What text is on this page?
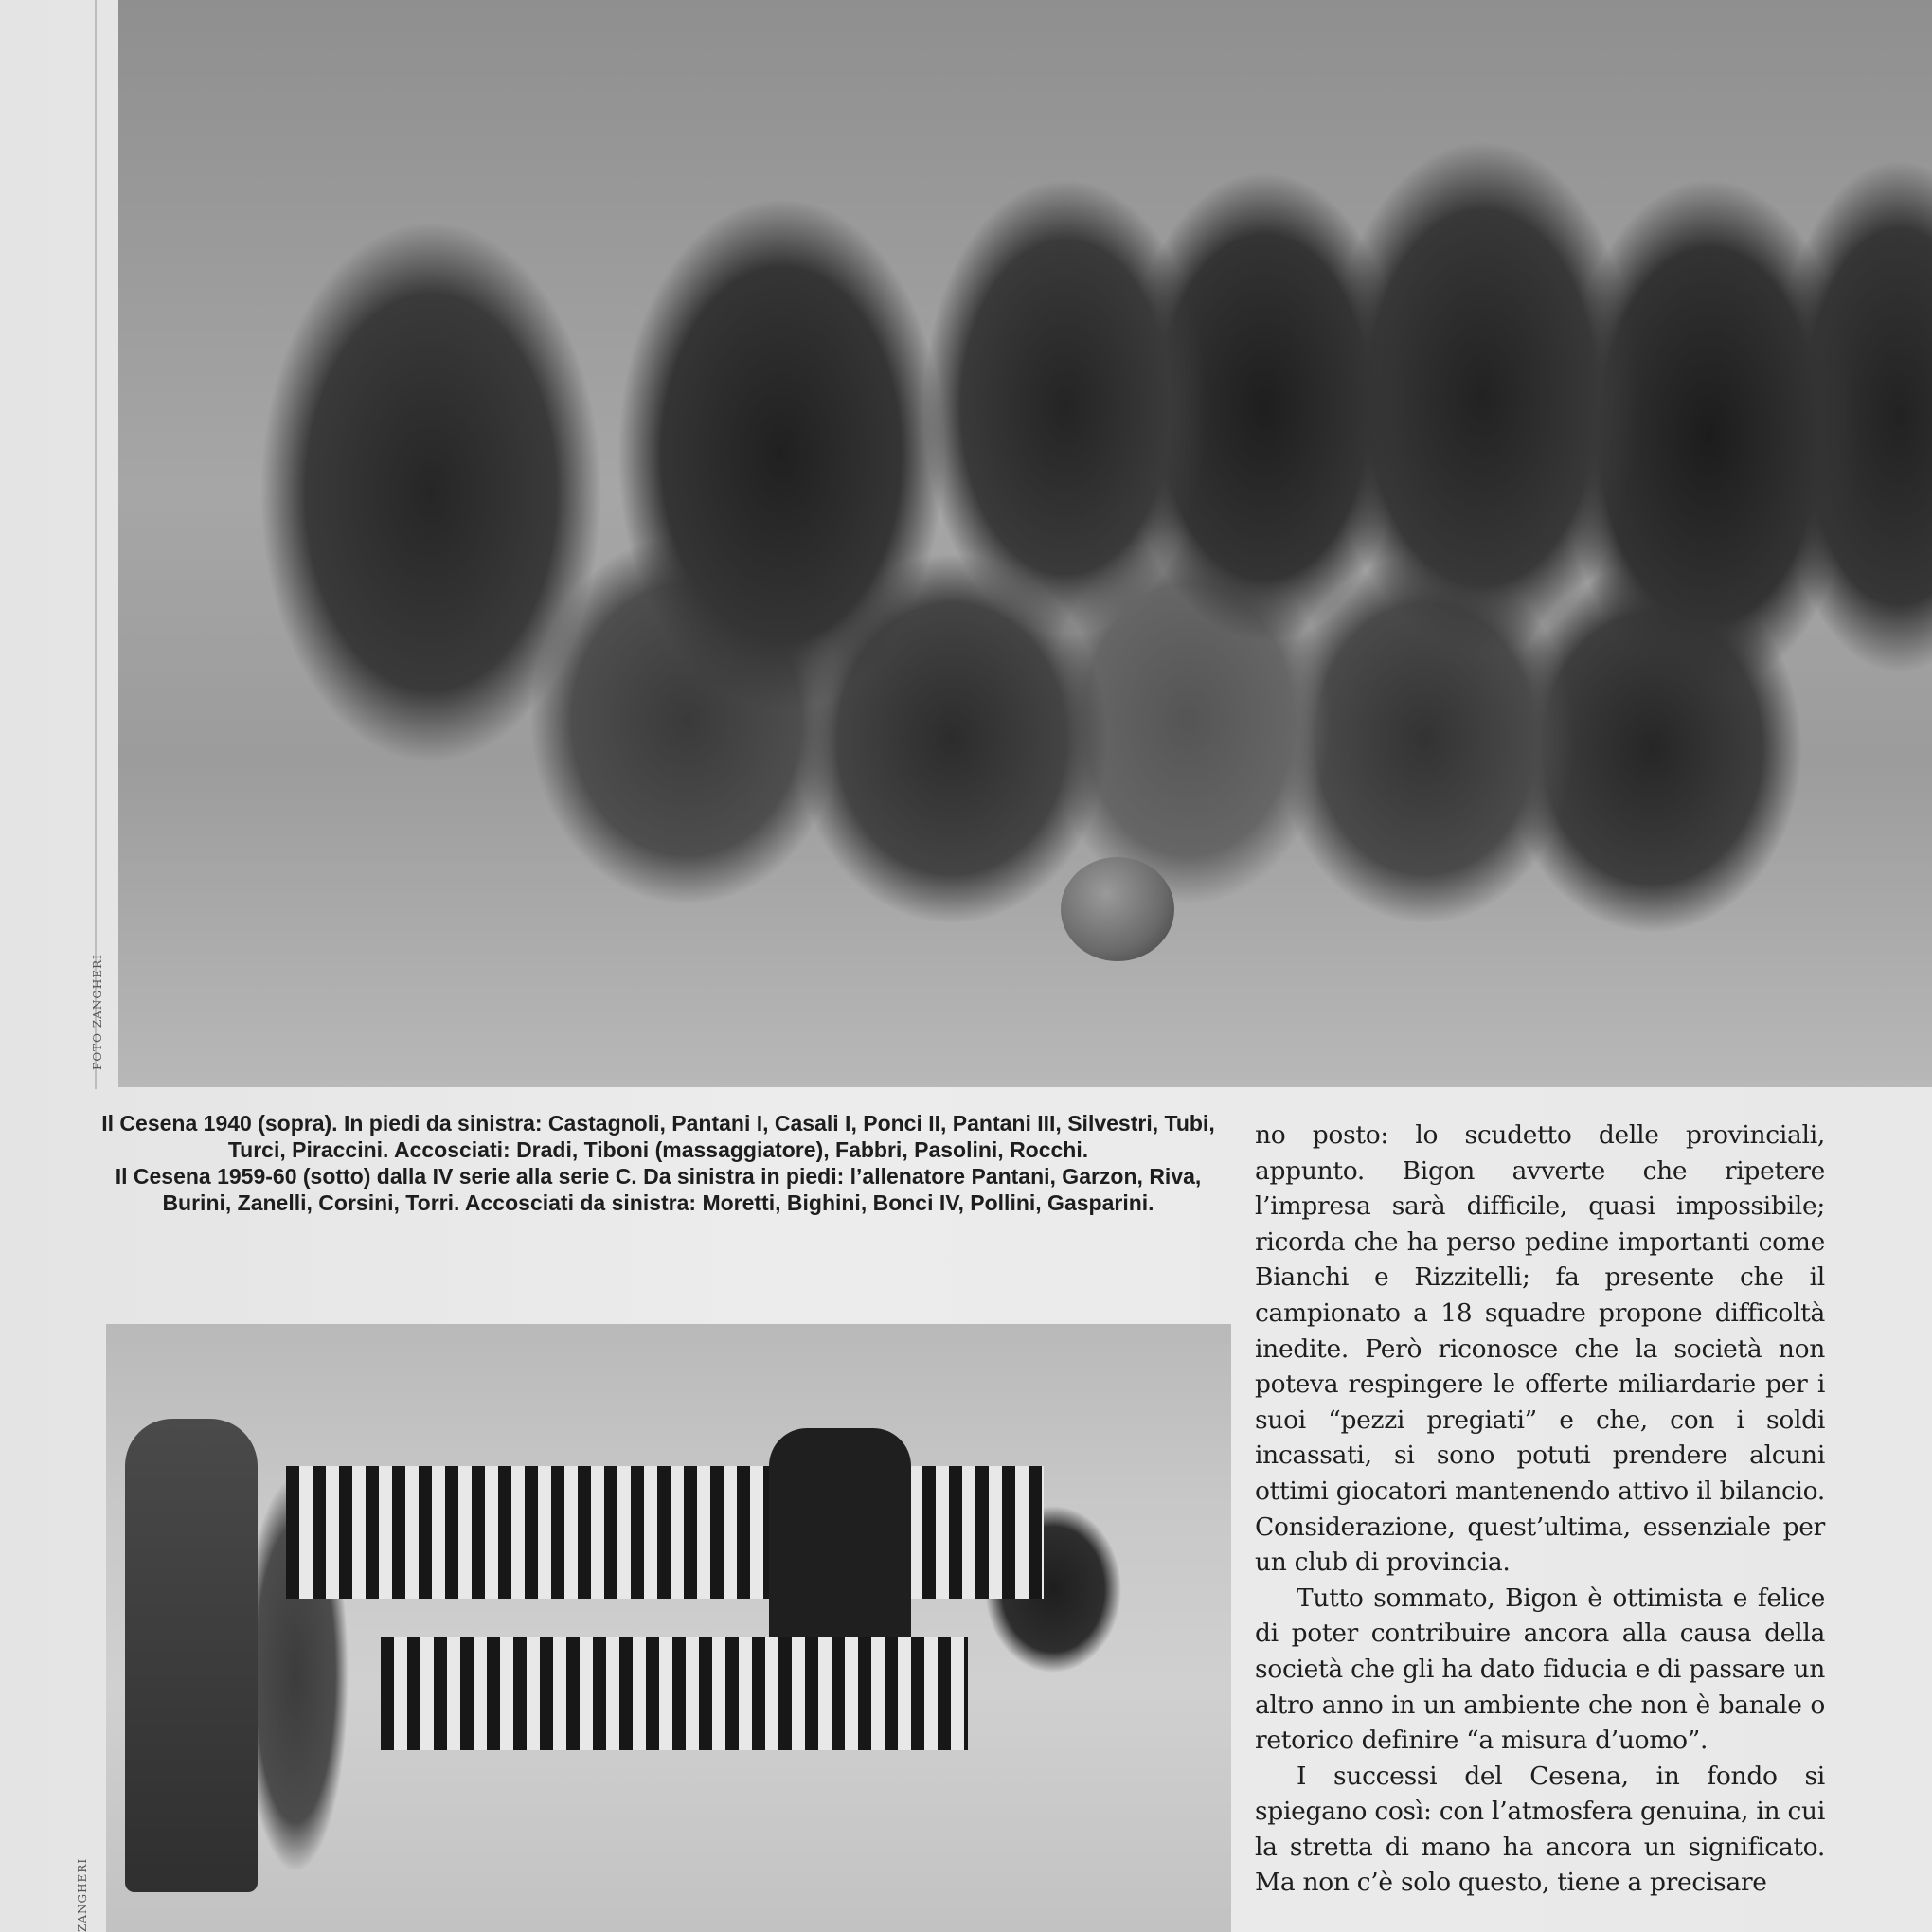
FOTO ZANGHERI

Il Cesena 1940 (sopra). In piedi da sinistra: Castagnoli, Pantani I, Casali I, Ponci II, Pantani III, Silvestri, Tubi, Turci, Piraccini. Accosciati: Dradi, Tiboni (massaggiatore), Fabbri, Pasolini, Rocchi.

Il Cesena 1959-60 (sotto) dalla IV serie alla serie C. Da sinistra in piedi: l’allenatore Pantani, Garzon, Riva, Burini, Zanelli, Corsini, Torri. Accosciati da sinistra: Moretti, Bighini, Bonci IV, Pollini, Gasparini.

ZANGHERI

no posto: lo scudetto delle provinciali, appunto. Bigon avverte che ripetere l’impresa sarà difficile, quasi impossibile; ricorda che ha perso pedine importanti come Bianchi e Rizzitelli; fa presente che il campionato a 18 squadre propone difficoltà inedite. Però riconosce che la società non poteva respingere le offerte miliardarie per i suoi “pezzi pregiati” e che, con i soldi incassati, si sono potuti prendere alcuni ottimi giocatori mantenendo attivo il bilancio. Considerazione, quest’ultima, essenziale per un club di provincia.

Tutto sommato, Bigon è ottimista e felice di poter contribuire ancora alla causa della società che gli ha dato fiducia e di passare un altro anno in un ambiente che non è banale o retorico definire “a misura d’uomo”.

I successi del Cesena, in fondo si spiegano così: con l’atmosfera genuina, in cui la stretta di mano ha ancora un significato. Ma non c’è solo questo, tiene a precisare
